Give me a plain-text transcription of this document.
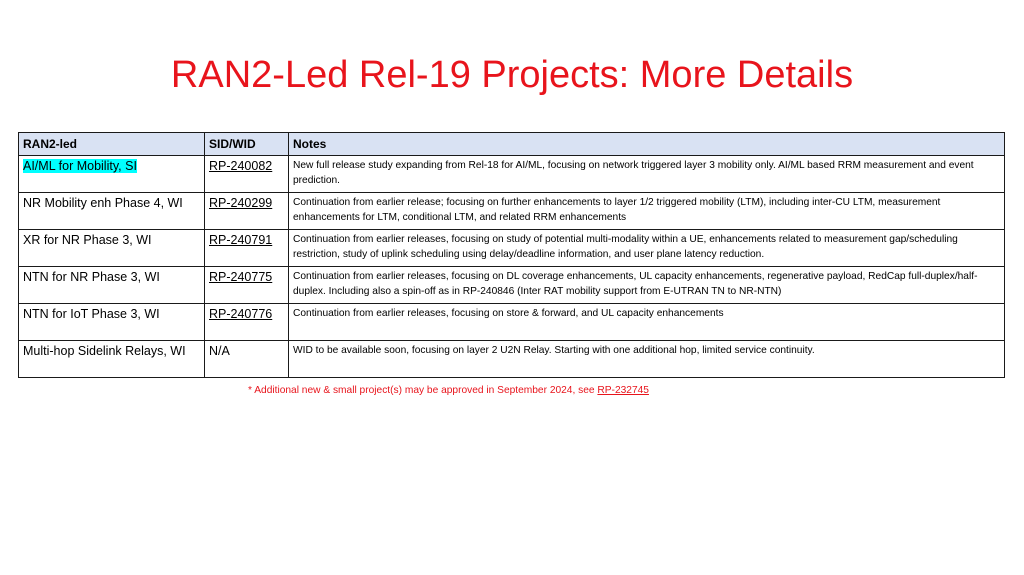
RAN2-Led Rel-19 Projects: More Details
RAN2-led	SID/WID	Notes
AI/ML for Mobility, SI	RP-240082	New full release study expanding from Rel-18 for AI/ML, focusing on network triggered layer 3 mobility only. AI/ML based RRM measurement and event prediction.
NR Mobility enh Phase 4, WI	RP-240299	Continuation from earlier release; focusing on further enhancements to layer 1/2 triggered mobility (LTM), including inter-CU LTM, measurement enhancements for LTM, conditional LTM, and related RRM enhancements
XR for NR Phase 3, WI	RP-240791	Continuation from earlier releases, focusing on study of potential multi-modality within a UE, enhancements related to measurement gap/scheduling restriction, study of uplink scheduling using delay/deadline information, and user plane latency reduction.
NTN for NR Phase 3, WI	RP-240775	Continuation from earlier releases, focusing on DL coverage enhancements, UL capacity enhancements, regenerative payload, RedCap full-duplex/half-duplex. Including also a spin-off as in RP-240846 (Inter RAT mobility support from E-UTRAN TN to NR-NTN)
NTN for IoT Phase 3, WI	RP-240776	Continuation from earlier releases, focusing on store & forward, and UL capacity enhancements
Multi-hop Sidelink Relays, WI	N/A	WID to be available soon, focusing on layer 2 U2N Relay. Starting with one additional hop, limited service continuity.
* Additional new & small project(s) may be approved in September 2024, see RP-232745
